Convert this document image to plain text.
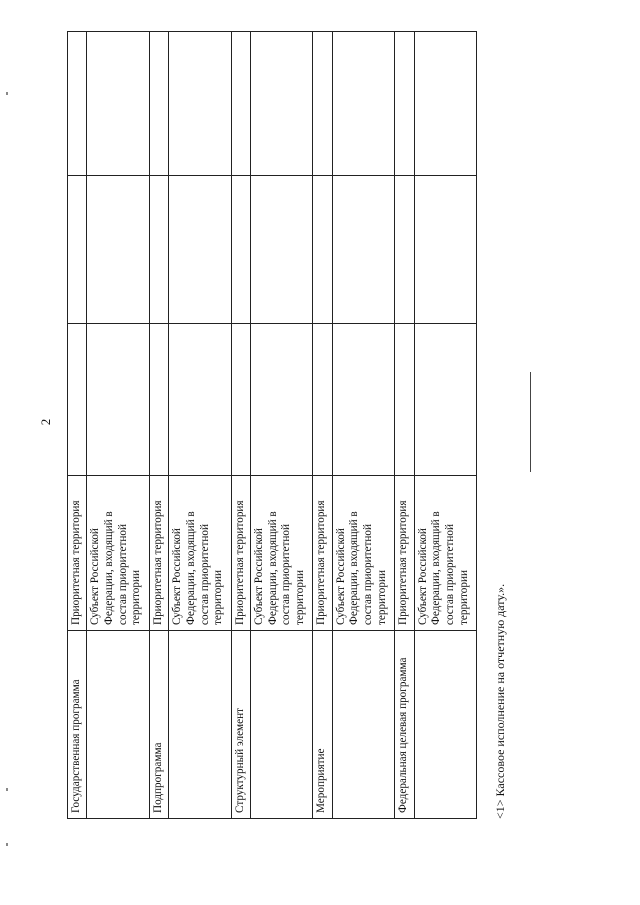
2
Государственная программа	Приоритетная территория			
	Субъект Российской Федерации, входящий в состав приоритетной территории			
Подпрограмма	Приоритетная территория			
	Субъект Российской Федерации, входящий в состав приоритетной территории			
Структурный элемент	Приоритетная территория			
	Субъект Российской Федерации, входящий в состав приоритетной территории			
Мероприятие	Приоритетная территория			
	Субъект Российской Федерации, входящий в состав приоритетной территории			
Федеральная целевая программа	Приоритетная территория			
	Субъект Российской Федерации, входящий в состав приоритетной территории			<1> Кассовое исполнение на отчетную дату.».
